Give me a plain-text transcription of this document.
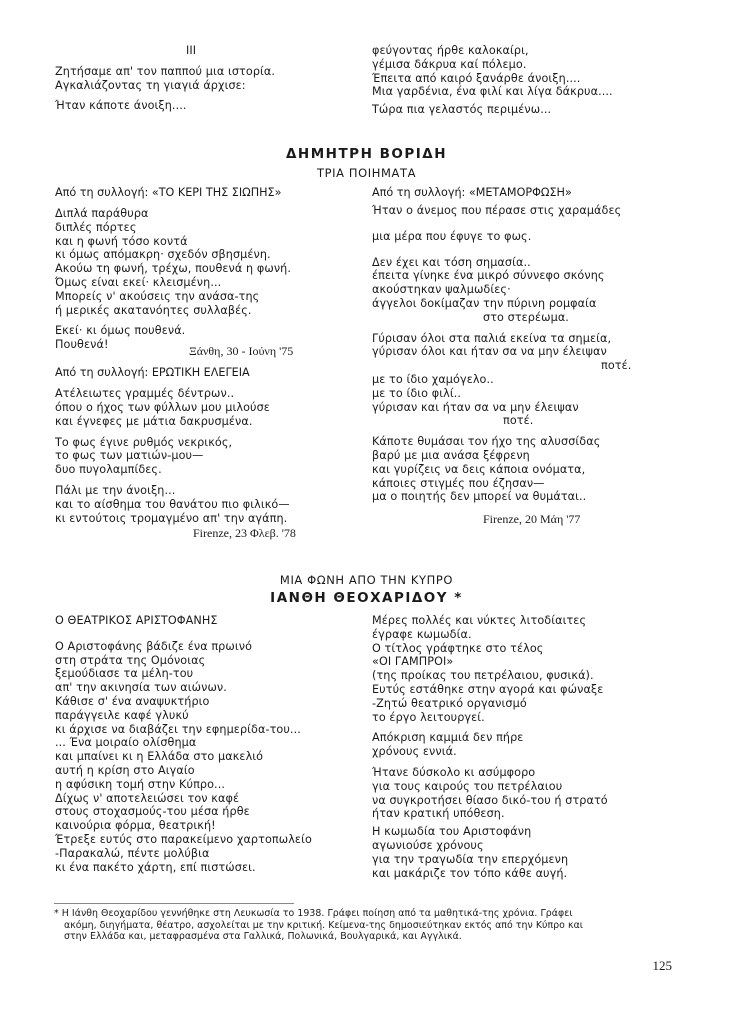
III
Ζητήσαμε απ' τον παππού μια ιστορία.
Αγκαλιάζοντας τη γιαγιά άρχισε:
Ήταν κάποτε άνοιξη....
φεύγοντας ήρθε καλοκαίρι,
γέμισα δάκρυα καί πόλεμο.
Έπειτα από καιρό ξανάρθε άνοιξη....
Μια γαρδένια, ένα φιλί και λίγα δάκρυα....
Τώρα πια γελαστός περιμένω...
ΔΗΜΗΤΡΗ ΒΟΡΙΔΗ
ΤΡΙΑ ΠΟΙΗΜΑΤΑ
Από τη συλλογή: «ΤΟ ΚΕΡΙ ΤΗΣ ΣΙΩΠΗΣ»
Διπλά παράθυρα
διπλές πόρτες
και η φωνή τόσο κοντά
κι όμως απόμακρη· σχεδόν σβησμένη.
Ακούω τη φωνή, τρέχω, πουθενά η φωνή.
Όμως είναι εκεί· κλεισμένη...
Μπορείς ν' ακούσεις την ανάσα-της
ή μερικές ακατανόητες συλλαβές.
Εκεί· κι όμως πουθενά.
Πουθενά!	Ξάνθη, 30 - Ιούνη '75
Από τη συλλογή: ΕΡΩΤΙΚΗ ΕΛΕΓΕΙΑ
Ατέλειωτες γραμμές δέντρων..
όπου ο ήχος των φύλλων μου μιλούσε
και έγνεφες με μάτια δακρυσμένα.
Το φως έγινε ρυθμός νεκρικός,
το φως των ματιών-μου—
δυο πυγολαμπίδες.
Πάλι με την άνοιξη...
και το αίσθημα του θανάτου πιο φιλικό—
κι εντούτοις τρομαγμένο απ' την αγάπη.
Firenze, 23 Φλεβ. '78
Από τη συλλογή: «ΜΕΤΑΜΟΡΦΩΣΗ»
Ήταν ο άνεμος που πέρασε στις χαραμάδες
μια μέρα που έφυγε το φως.
Δεν έχει και τόση σημασία..
έπειτα γίνηκε ένα μικρό σύννεφο σκόνης
ακούστηκαν ψαλμωδίες·
άγγελοι δοκίμαζαν την πύρινη ρομφαία
στο στερέωμα.
Γύρισαν όλοι στα παλιά εκείνα τα σημεία,
γύρισαν όλοι και ήταν σα να μην έλειψαν
ποτέ.
με το ίδιο χαμόγελο..
με το ίδιο φιλί..
γύρισαν και ήταν σα να μην έλειψαν
ποτέ.
Κάποτε θυμάσαι τον ήχο της αλυσσίδας
βαρύ με μια ανάσα ξέφρενη
και γυρίζεις να δεις κάποια ονόματα,
κάποιες στιγμές που έζησαν—
μα ο ποιητής δεν μπορεί να θυμάται..
Firenze, 20 Μάη '77
ΜΙΑ ΦΩΝΗ ΑΠΟ ΤΗΝ ΚΥΠΡΟ
ΙΑΝΘΗ ΘΕΟΧΑΡΙΔΟΥ *
Ο ΘΕΑΤΡΙΚΟΣ ΑΡΙΣΤΟΦΑΝΗΣ
Ο Αριστοφάνης βάδιζε ένα πρωινό
στη στράτα της Ομόνοιας
ξεμούδιασε τα μέλη-του
απ' την ακινησία των αιώνων.
Κάθισε σ' ένα αναψυκτήριο
παράγγειλε καφέ γλυκύ
κι άρχισε να διαβάζει την εφημερίδα-του...
... Ένα μοιραίο ολίσθημα
και μπαίνει κι η Ελλάδα στο μακελιό
αυτή η κρίση στο Αιγαίο
η αφύσικη τομή στην Κύπρο...
Δίχως ν' αποτελειώσει τον καφέ
στους στοχασμούς-του μέσα ήρθε
καινούρια φόρμα, θεατρική!
Έτρεξε ευτύς στο παρακείμενο χαρτοπωλείο
-Παρακαλώ, πέντε μολύβια
κι ένα πακέτο χάρτη, επί πιστώσει.
Μέρες πολλές και νύκτες λιτοδίαιτες
έγραφε κωμωδία.
Ο τίτλος γράφτηκε στο τέλος
«ΟΙ ΓΑΜΠΡΟΙ»
(της προίκας του πετρέλαιου, φυσικά).
Ευτύς εστάθηκε στην αγορά και φώναξε
-Ζητώ θεατρικό οργανισμό
το έργο λειτουργεί.
Απόκριση καμμιά δεν πήρε
χρόνους εννιά.
Ήτανε δύσκολο κι ασύμφορο
για τους καιρούς του πετρέλαιου
να συγκροτήσει θίασο δικό-του ή στρατό
ήταν κρατική υπόθεση.
Η κωμωδία του Αριστοφάνη
αγωνιούσε χρόνους
για την τραγωδία την επερχόμενη
και μακάριζε τον τόπο κάθε αυγή.
* Η Ιάνθη Θεοχαρίδου γεννήθηκε στη Λευκωσία το 1938. Γράφει ποίηση από τα μαθητικά-της χρόνια. Γράφει
ακόμη, διηγήματα, θέατρο, ασχολείται με την κριτική. Κείμενα-της δημοσιεύτηκαν εκτός από την Κύπρο και
στην Ελλάδα και, μεταφρασμένα στα Γαλλικά, Πολωνικά, Βουλγαρικά, και Αγγλικά.
125
